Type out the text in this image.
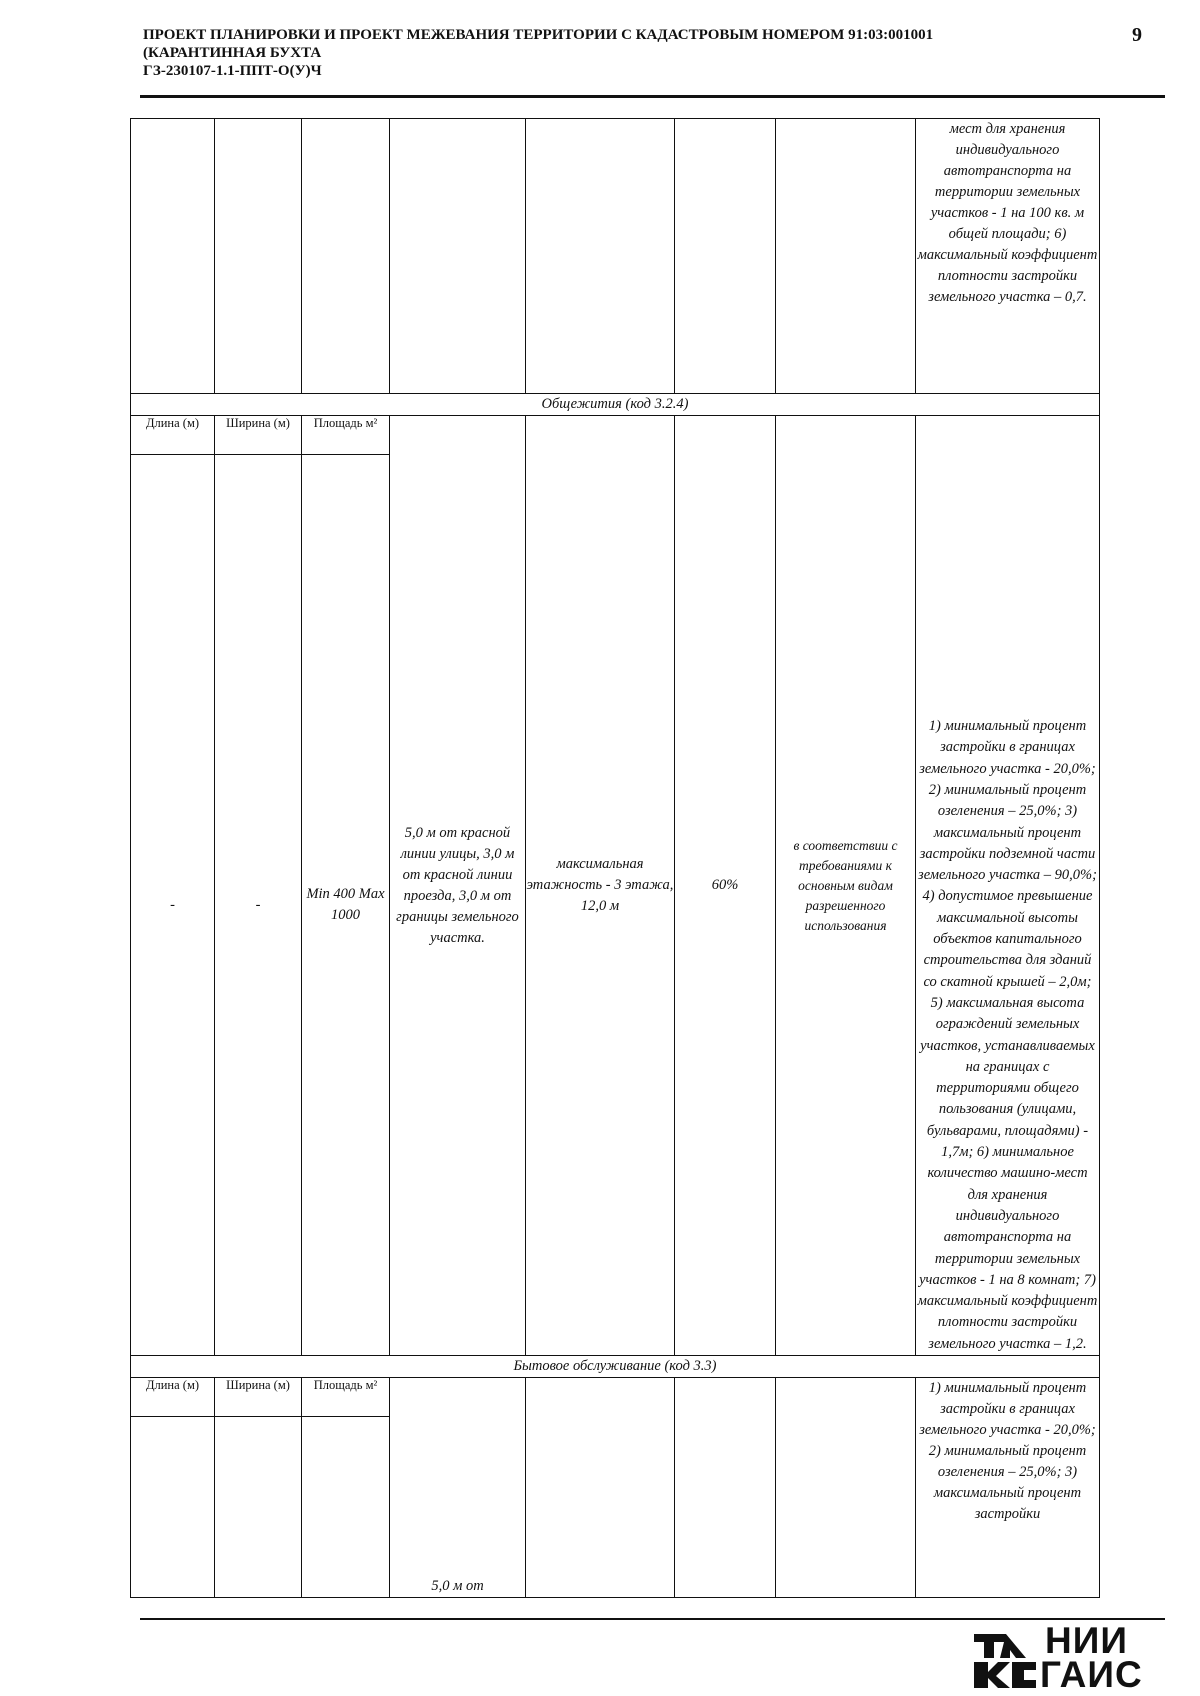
ПРОЕКТ ПЛАНИРОВКИ И ПРОЕКТ МЕЖЕВАНИЯ ТЕРРИТОРИИ С КАДАСТРОВЫМ НОМЕРОМ 91:03:001001
(КАРАНТИННАЯ БУХТА
ГЗ-230107-1.1-ППТ-О(У)Ч
9
							мест для хранения индивидуального автотранспорта на территории земельных участков - 1 на 100 кв. м общей площади; 6) максимальный коэффициент плотности застройки земельного участка – 0,7.
Общежития (код 3.2.4)							
Длина (м)	Ширина (м)	Площадь м²	5,0 м от красной линии улицы, 3,0 м от красной линии проезда, 3,0 м от границы земельного участка.	максимальная этажность - 3 этажа, 12,0 м	60%	в соответствии с требованиями к основным видам разрешенного использования	1) минимальный процент застройки в границах земельного участка - 20,0%; 2) минимальный процент озеленения – 25,0%; 3) максимальный процент застройки подземной части земельного участка – 90,0%; 4) допустимое превышение максимальной высоты объектов капитального строительства для зданий со скатной крышей – 2,0м; 5) максимальная высота ограждений земельных участков, устанавливаемых на границах с территориями общего пользования (улицами, бульварами, площадями) - 1,7м; 6) минимальное количество машино-мест для хранения индивидуального автотранспорта на территории земельных участков - 1 на 8 комнат; 7) максимальный коэффициент плотности застройки земельного участка – 1,2.
-	-	Min 400 Max 1000					
Бытовое обслуживание (код 3.3)							
Длина (м)	Ширина (м)	Площадь м²	5,0 м от				1) минимальный процент застройки в границах земельного участка - 20,0%; 2) минимальный процент озеленения – 25,0%; 3) максимальный процент застройки

НИИ
ГАИС
